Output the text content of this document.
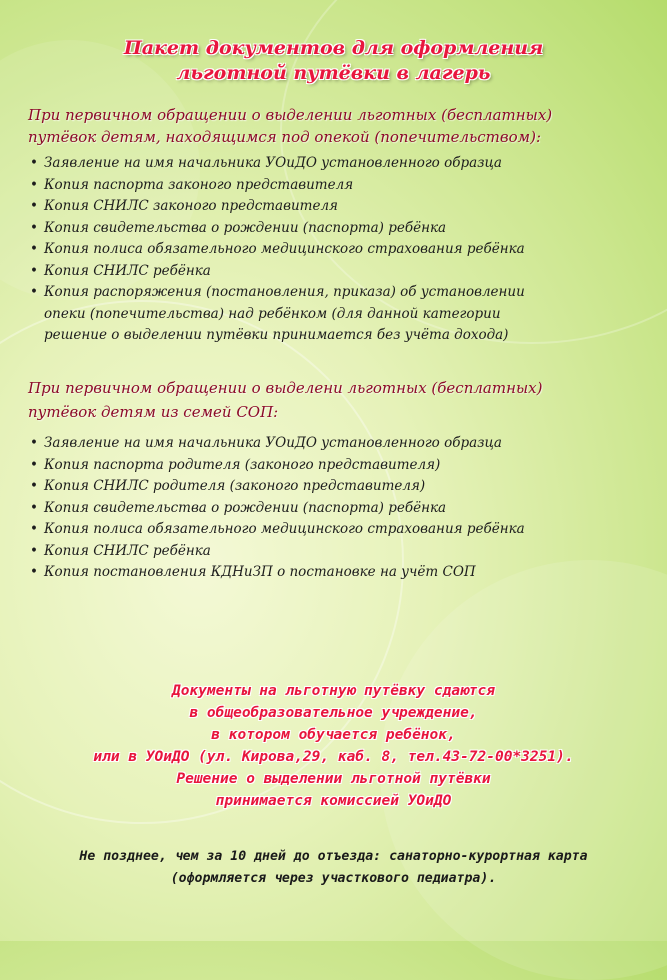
Пакет документов для оформления
льготной путёвки в лагерь
При первичном обращении о выделении льготных (бесплатных)
путёвок детям, находящимся под опекой (попечительством):
• Заявление на имя начальника УОиДО установленного образца
• Копия паспорта законого представителя
• Копия СНИЛС законого представителя
• Копия свидетельства о рождении (паспорта) ребёнка
• Копия полиса обязательного медицинского страхования ребёнка
• Копия СНИЛС ребёнка
• Копия распоряжения (постановления, приказа) об установлении
опеки (попечительства) над ребёнком (для данной категории
решение о выделении путёвки принимается без учёта дохода)
При первичном обращении о выделени льготных (бесплатных)
путёвок детям из семей СОП:
• Заявление на имя начальника УОиДО установленного образца
• Копия паспорта родителя (законого представителя)
• Копия СНИЛС родителя (законого представителя)
• Копия свидетельства о рождении (паспорта) ребёнка
• Копия полиса обязательного медицинского страхования ребёнка
• Копия СНИЛС ребёнка
• Копия постановления КДНиЗП о постановке на учёт СОП
Документы на льготную путёвку сдаются
в общеобразовательное учреждение,
в котором обучается ребёнок,
или в УОиДО (ул. Кирова,29, каб. 8, тел.43-72-00*3251).
Решение о выделении льготной путёвки
принимается комиссией УОиДО
Не позднее, чем за 10 дней до отъезда: санаторно-курортная карта
(оформляется через участкового педиатра).
